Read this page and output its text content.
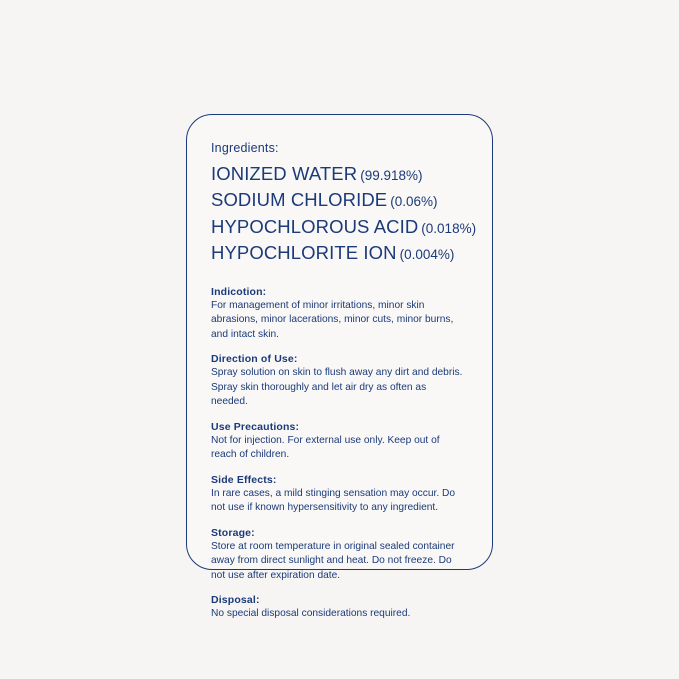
Ingredients:

IONIZED WATER (99.918%)

SODIUM CHLORIDE (0.06%)

HYPOCHLOROUS ACID (0.018%)

HYPOCHLORITE ION (0.004%)

Indicotion:
For management of minor irritations, minor skin abrasions, minor lacerations, minor cuts, minor burns, and intact skin.
Direction of Use:
Spray solution on skin to flush away any dirt and debris. Spray skin thoroughly and let air dry as often as needed.
Use Precautions:
Not for injection. For external use only. Keep out of reach of children.
Side Effects:
In rare cases, a mild stinging sensation may occur. Do not use if known hypersensitivity to any ingredient.
Storage:
Store at room temperature in original sealed container away from direct sunlight and heat. Do not freeze. Do not use after expiration date.
Disposal:
No special disposal considerations required.
